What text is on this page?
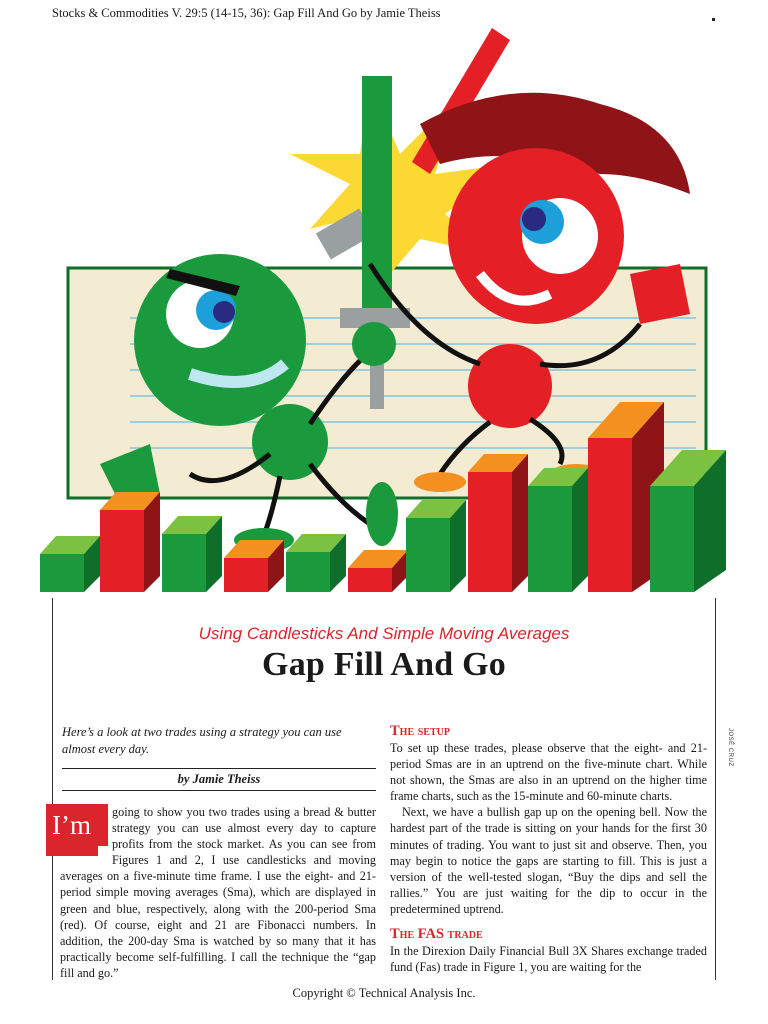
Stocks & Commodities V. 29:5 (14-15, 36): Gap Fill And Go by Jamie Theiss
Using Candlesticks And Simple Moving Averages
Gap Fill And Go
JOSÉ CRUZ
Here’s a look at two trades using a strategy you can use almost every day.
by Jamie Theiss
going to show you two trades using a bread & butter strategy you can use almost every day to capture profits from the stock market. As you can see from Figures 1 and 2, I use candlesticks and moving averages on a five-minute time frame. I use the eight- and 21-period simple moving averages (Sma), which are displayed in green and blue, respectively, along with the 200-period Sma (red). Of course, eight and 21 are Fibonacci numbers. In addition, the 200-day Sma is watched by so many that it has practically become self-fulfilling. I call the technique the “gap fill and go.”
I’m
The setup

To set up these trades, please observe that the eight- and 21-period Smas are in an uptrend on the five-minute chart. While not shown, the Smas are also in an uptrend on the higher time frame charts, such as the 15-minute and 60-minute charts.

Next, we have a bullish gap up on the opening bell. Now the hardest part of the trade is sitting on your hands for the first 30 minutes of trading. You want to just sit and observe. Then, you may begin to notice the gaps are starting to fill. This is just a version of the well-tested slogan, “Buy the dips and sell the rallies.” You are just waiting for the dip to occur in the predetermined uptrend.

The FAS trade

In the Direxion Daily Financial Bull 3X Shares exchange traded fund (Fas) trade in Figure 1, you are waiting for the

Copyright © Technical Analysis Inc.
